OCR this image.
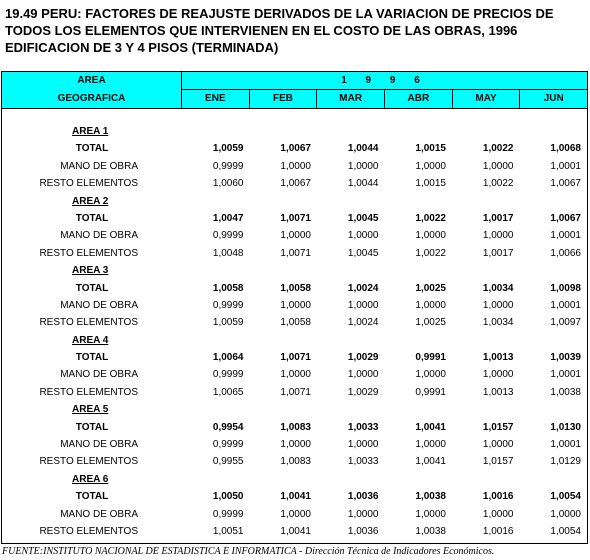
19.49 PERU: FACTORES DE REAJUSTE DERIVADOS DE LA VARIACION DE PRECIOS DE
TODOS LOS ELEMENTOS QUE INTERVIENEN EN EL COSTO DE LAS OBRAS, 1996
EDIFICACION DE 3 Y 4 PISOS (TERMINADA)
AREA
GEOGRAFICA
1 9 9 6
ENE	FEB	MAR	ABR	MAY	JUN
AREA 1
TOTAL	1,0059	1,0067	1,0044	1,0015	1,0022	1,0068
MANO DE OBRA	0,9999	1,0000	1,0000	1,0000	1,0000	1,0001
RESTO ELEMENTOS	1,0060	1,0067	1,0044	1,0015	1,0022	1,0067
AREA 2
TOTAL	1,0047	1,0071	1,0045	1,0022	1,0017	1,0067
MANO DE OBRA	0,9999	1,0000	1,0000	1,0000	1,0000	1,0001
RESTO ELEMENTOS	1,0048	1,0071	1,0045	1,0022	1,0017	1,0066
AREA 3
TOTAL	1,0058	1,0058	1,0024	1,0025	1,0034	1,0098
MANO DE OBRA	0,9999	1,0000	1,0000	1,0000	1,0000	1,0001
RESTO ELEMENTOS	1,0059	1,0058	1,0024	1,0025	1,0034	1,0097
AREA 4
TOTAL	1,0064	1,0071	1,0029	0,9991	1,0013	1,0039
MANO DE OBRA	0,9999	1,0000	1,0000	1,0000	1,0000	1,0001
RESTO ELEMENTOS	1,0065	1,0071	1,0029	0,9991	1,0013	1,0038
AREA 5
TOTAL	0,9954	1,0083	1,0033	1,0041	1,0157	1,0130
MANO DE OBRA	0,9999	1,0000	1,0000	1,0000	1,0000	1,0001
RESTO ELEMENTOS	0,9955	1,0083	1,0033	1,0041	1,0157	1,0129
AREA 6
TOTAL	1,0050	1,0041	1,0036	1,0038	1,0016	1,0054
MANO DE OBRA	0,9999	1,0000	1,0000	1,0000	1,0000	1,0000
RESTO ELEMENTOS	1,0051	1,0041	1,0036	1,0038	1,0016	1,0054
FUENTE:INSTITUTO NACIONAL DE ESTADISTICA E INFORMATICA - Dirección Técnica de Indicadores Económicos.
